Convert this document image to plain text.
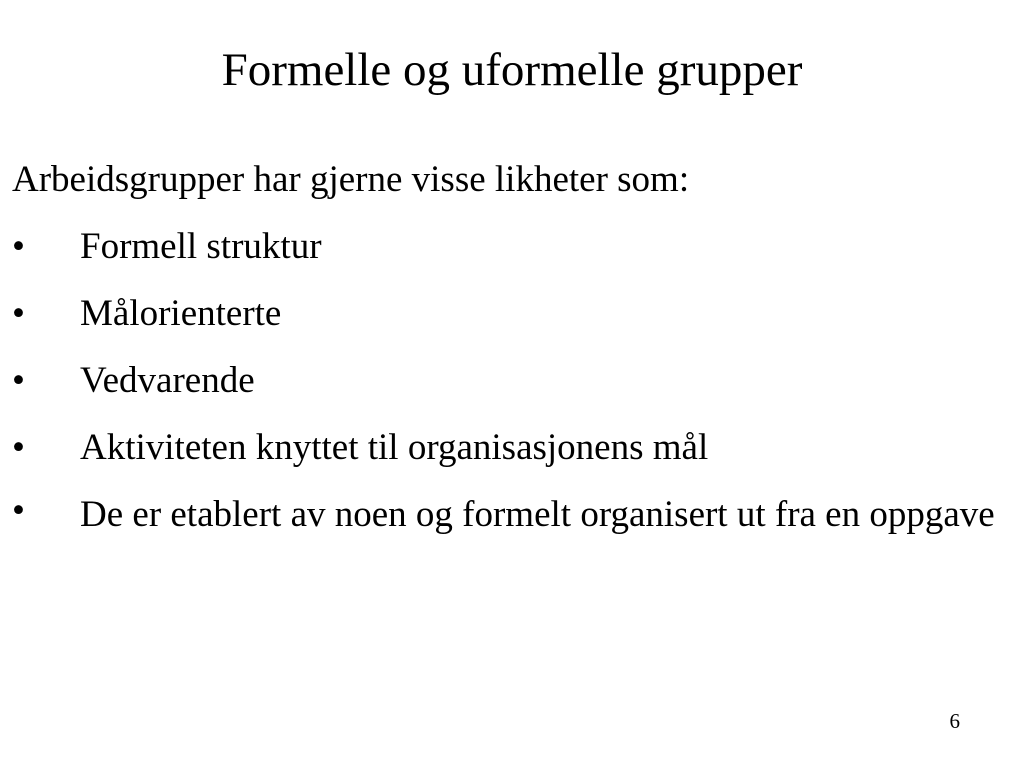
Formelle og uformelle grupper

Arbeidsgrupper har gjerne visse likheter som:

• Formell struktur
• Målorienterte
• Vedvarende
• Aktiviteten knyttet til organisasjonens mål
• De er etablert av noen og formelt organisert ut fra en oppgave
6
